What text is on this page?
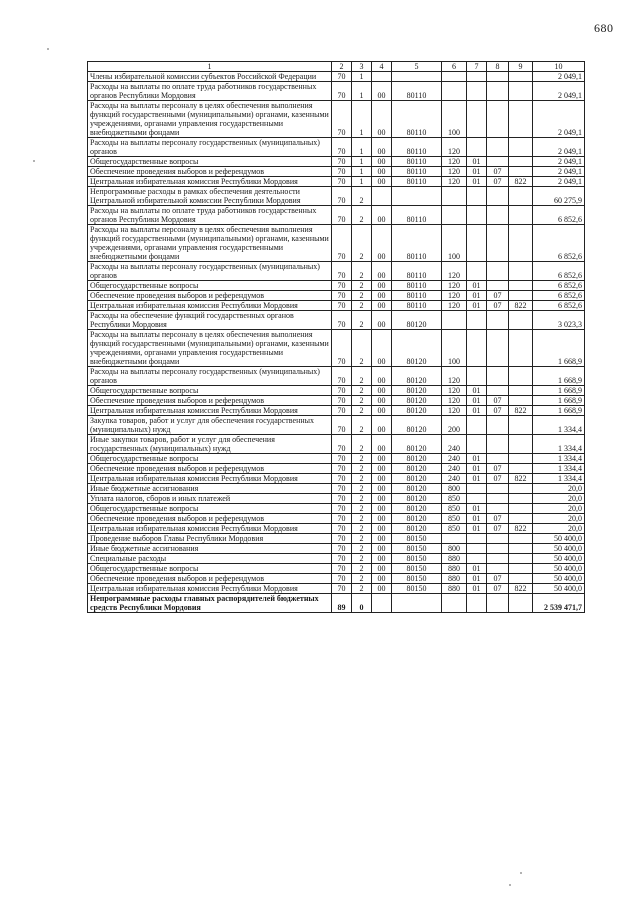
680
1	2	3	4	5	6	7	8	9	10
Члены избирательной комиссии субъектов Российской Федерации	70	1							2 049,1
Расходы на выплаты по оплате труда работников государственных органов Республики Мордовия	70	1	00	80110					2 049,1
Расходы на выплаты персоналу в целях обеспечения выполнения функций государственными (муниципальными) органами, казенными учреждениями, органами управления государственными внебюджетными фондами	70	1	00	80110	100				2 049,1
Расходы на выплаты персоналу государственных (муниципальных) органов	70	1	00	80110	120				2 049,1
Общегосударственные вопросы	70	1	00	80110	120	01			2 049,1
Обеспечение проведения выборов и референдумов	70	1	00	80110	120	01	07		2 049,1
Центральная избирательная комиссия Республики Мордовия	70	1	00	80110	120	01	07	822	2 049,1
Непрограммные расходы в рамках обеспечения деятельности Центральной избирательной комиссии Республики Мордовия	70	2							60 275,9
Расходы на выплаты по оплате труда работников государственных органов Республики Мордовия	70	2	00	80110					6 852,6
Расходы на выплаты персоналу в целях обеспечения выполнения функций государственными (муниципальными) органами, казенными учреждениями, органами управления государственными внебюджетными фондами	70	2	00	80110	100				6 852,6
Расходы на выплаты персоналу государственных (муниципальных) органов	70	2	00	80110	120				6 852,6
Общегосударственные вопросы	70	2	00	80110	120	01			6 852,6
Обеспечение проведения выборов и референдумов	70	2	00	80110	120	01	07		6 852,6
Центральная избирательная комиссия Республики Мордовия	70	2	00	80110	120	01	07	822	6 852,6
Расходы на обеспечение функций государственных органов Республики Мордовия	70	2	00	80120					3 023,3
Расходы на выплаты персоналу в целях обеспечения выполнения функций государственными (муниципальными) органами, казенными учреждениями, органами управления государственными внебюджетными фондами	70	2	00	80120	100				1 668,9
Расходы на выплаты персоналу государственных (муниципальных) органов	70	2	00	80120	120				1 668,9
Общегосударственные вопросы	70	2	00	80120	120	01			1 668,9
Обеспечение проведения выборов и референдумов	70	2	00	80120	120	01	07		1 668,9
Центральная избирательная комиссия Республики Мордовия	70	2	00	80120	120	01	07	822	1 668,9
Закупка товаров, работ и услуг для обеспечения государственных (муниципальных) нужд	70	2	00	80120	200				1 334,4
Иные закупки товаров, работ и услуг для обеспечения государственных (муниципальных) нужд	70	2	00	80120	240				1 334,4
Общегосударственные вопросы	70	2	00	80120	240	01			1 334,4
Обеспечение проведения выборов и референдумов	70	2	00	80120	240	01	07		1 334,4
Центральная избирательная комиссия Республики Мордовия	70	2	00	80120	240	01	07	822	1 334,4
Иные бюджетные ассигнования	70	2	00	80120	800				20,0
Уплата налогов, сборов и иных платежей	70	2	00	80120	850				20,0
Общегосударственные вопросы	70	2	00	80120	850	01			20,0
Обеспечение проведения выборов и референдумов	70	2	00	80120	850	01	07		20,0
Центральная избирательная комиссия Республики Мордовия	70	2	00	80120	850	01	07	822	20,0
Проведение выборов Главы Республики Мордовия	70	2	00	80150					50 400,0
Иные бюджетные ассигнования	70	2	00	80150	800				50 400,0
Специальные расходы	70	2	00	80150	880				50 400,0
Общегосударственные вопросы	70	2	00	80150	880	01			50 400,0
Обеспечение проведения выборов и референдумов	70	2	00	80150	880	01	07		50 400,0
Центральная избирательная комиссия Республики Мордовия	70	2	00	80150	880	01	07	822	50 400,0
Непрограммные расходы главных распорядителей бюджетных средств Республики Мордовия	89	0							2 539 471,7
